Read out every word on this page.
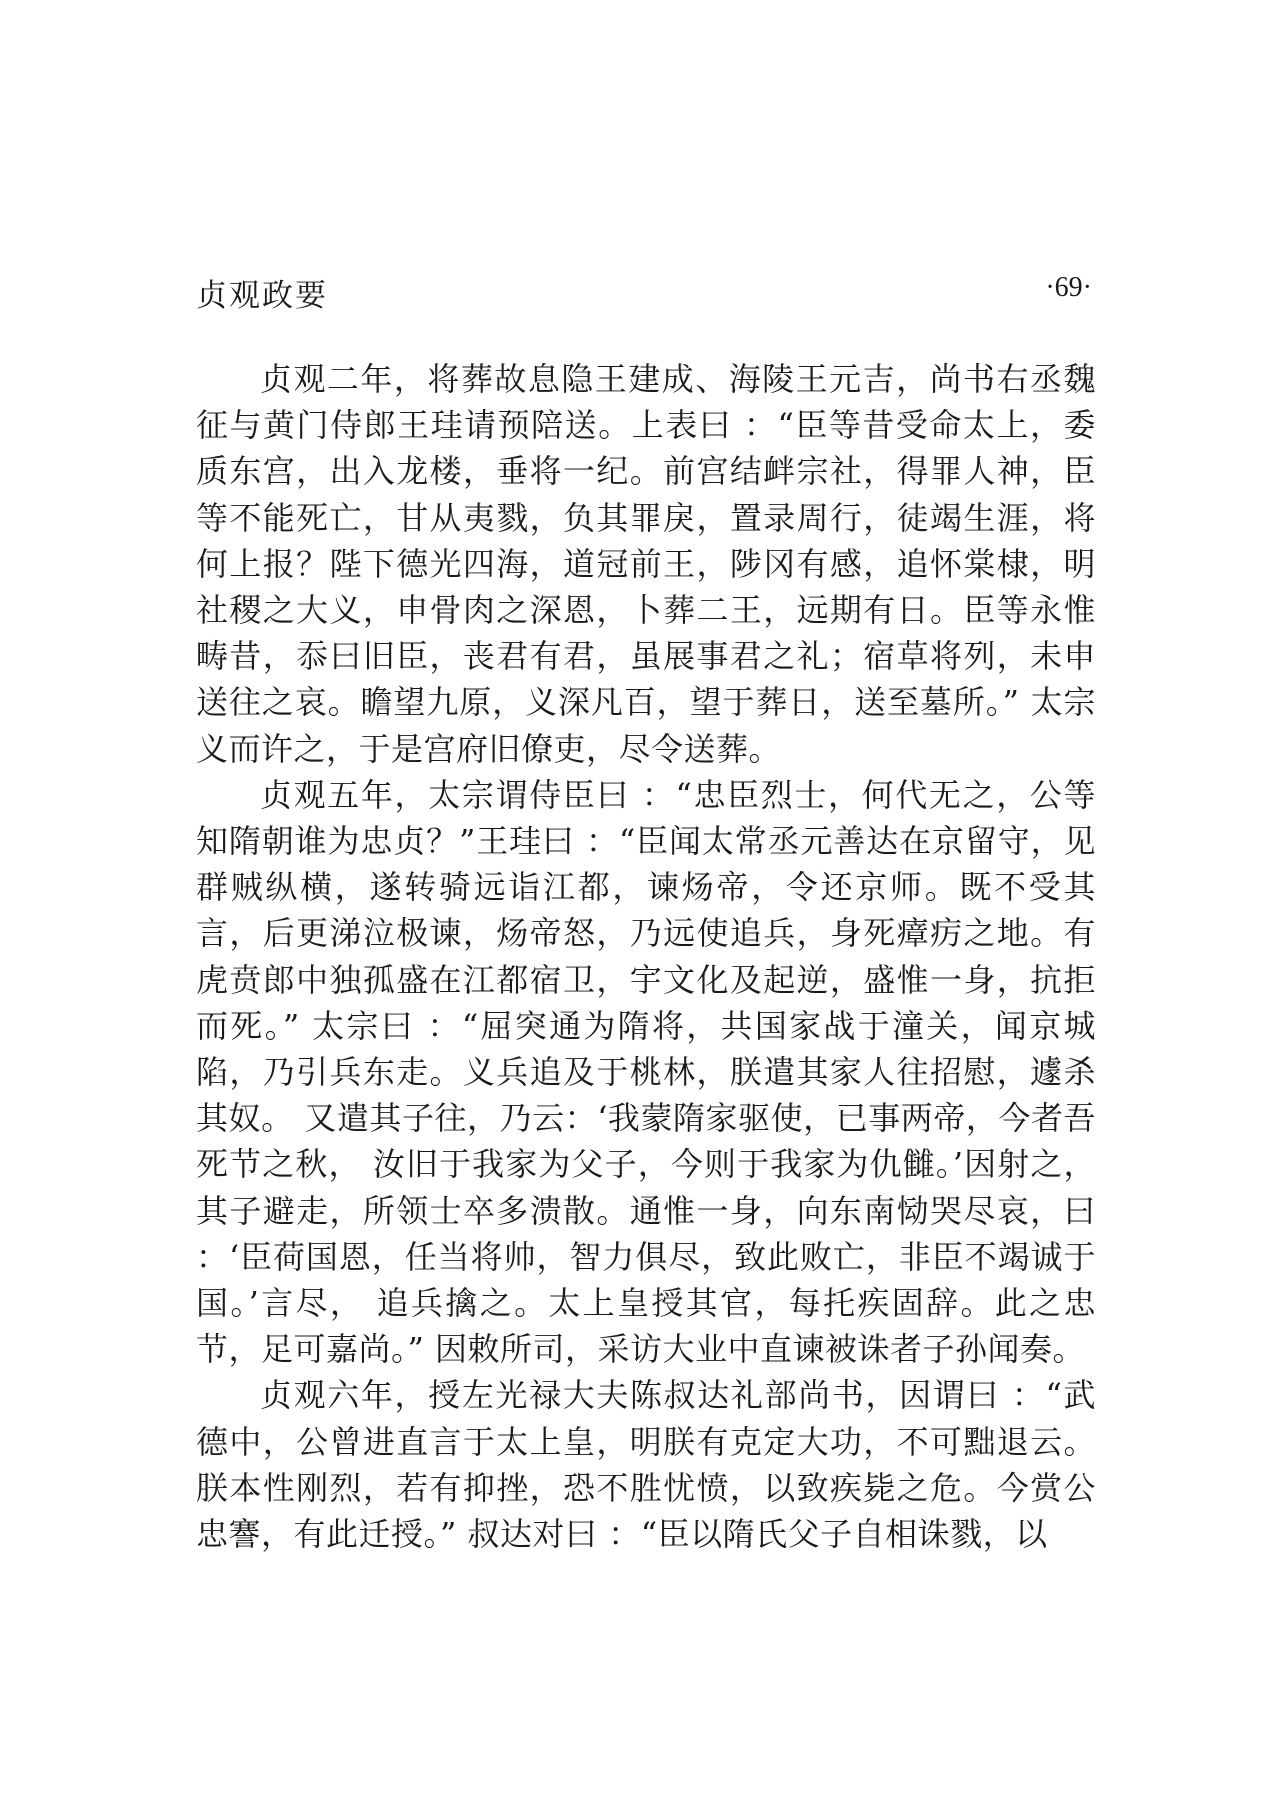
贞观政要	·69·

贞观二年，将葬故息隐王建成、海陵王元吉，尚书右丞魏征与黄门侍郎王珪请预陪送。上表曰 ：“臣等昔受命太上，委质东宫，出入龙楼，垂将一纪。前宫结衅宗社，得罪人神，臣等不能死亡，甘从夷戮，负其罪戾，置录周行，徒竭生涯，将何上报？陛下德光四海，道冠前王，陟冈有感，追怀棠棣，明社稷之大义，申骨肉之深恩，卜葬二王，远期有日。臣等永惟畴昔，忝曰旧臣，丧君有君，虽展事君之礼；宿草将列，未申送往之哀。瞻望九原，义深凡百，望于葬日，送至墓所。” 太宗义而许之，于是宫府旧僚吏，尽令送葬。

贞观五年，太宗谓侍臣曰 ：“忠臣烈士，何代无之，公等知隋朝谁为忠贞？”王珪曰 ：“臣闻太常丞元善达在京留守，见群贼纵横，遂转骑远诣江都，谏炀帝，令还京师。既不受其言，后更涕泣极谏，炀帝怒，乃远使追兵，身死瘴疠之地。有虎贲郎中独孤盛在江都宿卫，宇文化及起逆，盛惟一身，抗拒而死。” 太宗曰 ：“屈突通为隋将，共国家战于潼关，闻京城陷，乃引兵东走。义兵追及于桃林，朕遣其家人往招慰，遽杀其奴。 又遣其子往，乃云：‘我蒙隋家驱使，已事两帝，今者吾死节之秋， 汝旧于我家为父子，今则于我家为仇雠。’因射之，其子避走，所领士卒多溃散。通惟一身，向东南恸哭尽哀，曰 ：‘臣荷国恩，任当将帅，智力俱尽，致此败亡，非臣不竭诚于国。’言尽， 追兵擒之。太上皇授其官，每托疾固辞。此之忠节，足可嘉尚。” 因敕所司，采访大业中直谏被诛者子孙闻奏。

贞观六年，授左光禄大夫陈叔达礼部尚书，因谓曰 ：“武德中，公曾进直言于太上皇，明朕有克定大功，不可黜退云。朕本性刚烈，若有抑挫，恐不胜忧愤，以致疾毙之危。今赏公忠謇，有此迁授。” 叔达对曰 ：“臣以隋氏父子自相诛戮，以
